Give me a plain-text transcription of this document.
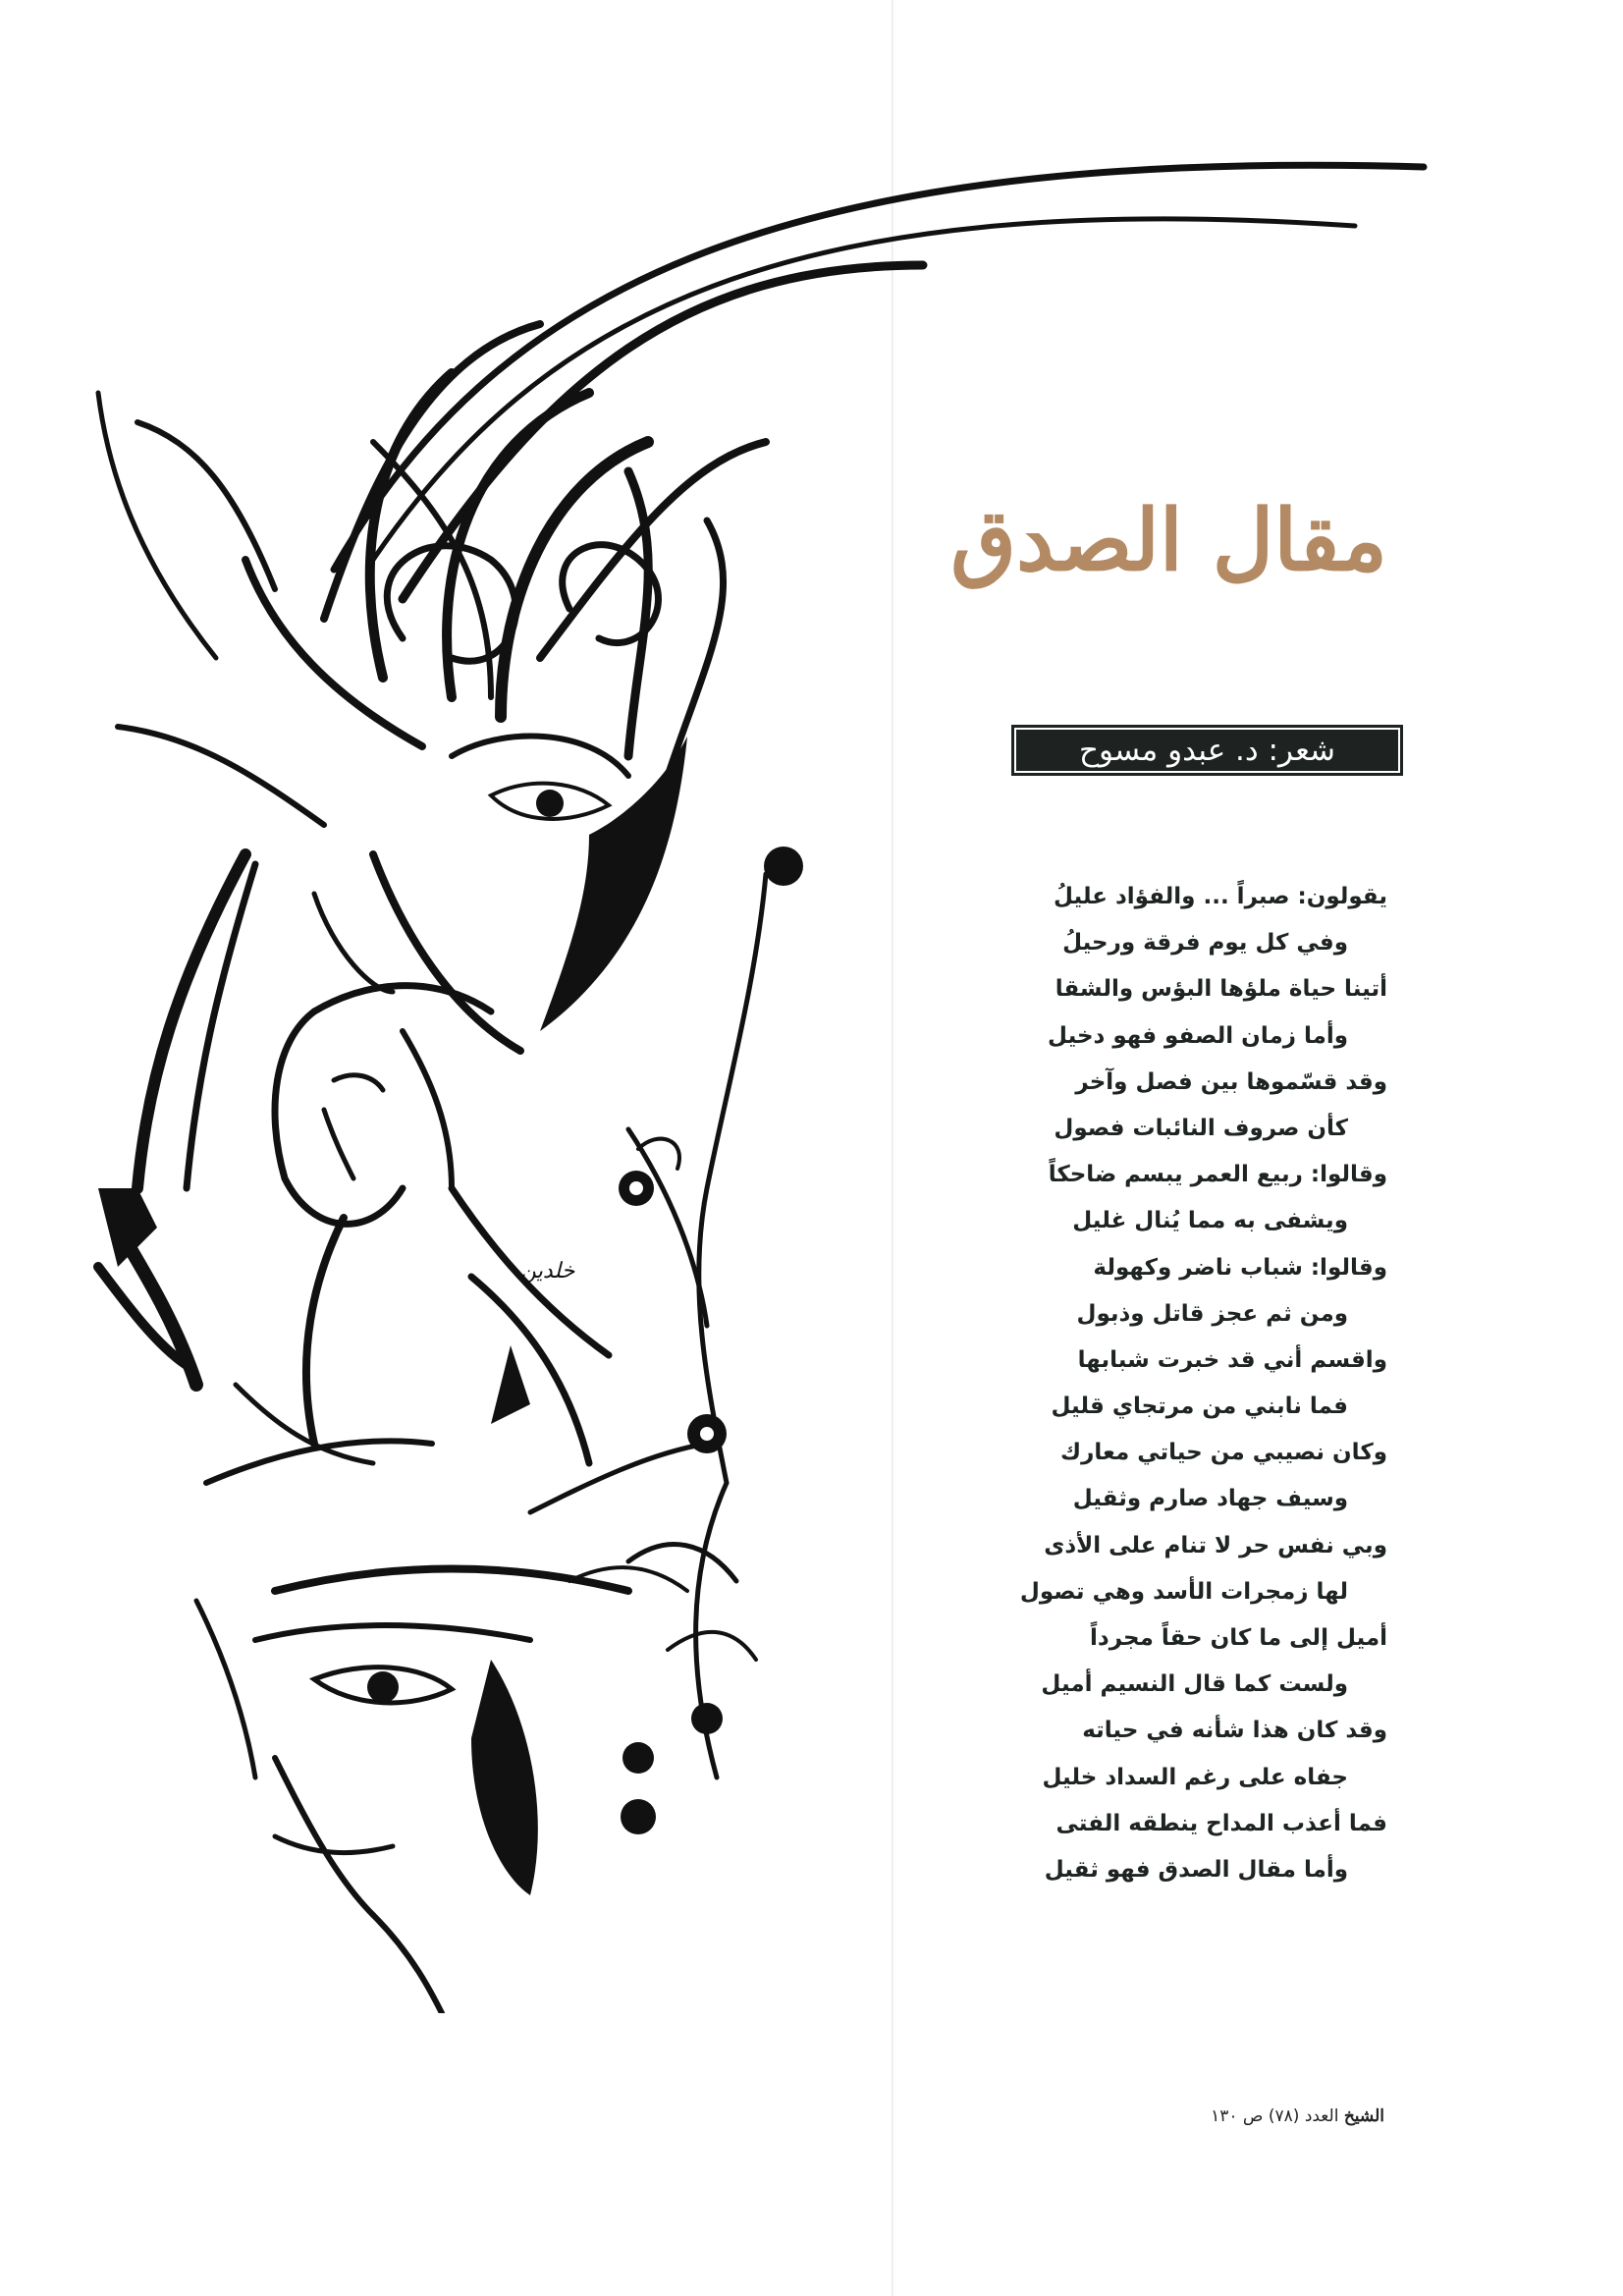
خلدين
مقال الصدق
شعر: د. عبدو مسوح
يقولون: صبراً ... والفؤاد عليلُ
وفي كل يوم فرقة ورحيلُ
أتينا حياة ملؤها البؤس والشقا
وأما زمان الصفو فهو دخيل
وقد قسّموها بين فصل وآخر
كأن صروف النائبات فصول
وقالوا: ربيع العمر يبسم ضاحكاً
ويشفى به مما يُنال غليل
وقالوا: شباب ناضر وكهولة
ومن ثم عجز قاتل وذبول
واقسم أني قد خبرت شبابها
فما نابني من مرتجاي قليل
وكان نصيبي من حياتي معارك
وسيف جهاد صارم وثقيل
وبي نفس حر لا تنام على الأذى
لها زمجرات الأسد وهي تصول
أميل إلى ما كان حقاً مجرداً
ولست كما قال النسيم أميل
وقد كان هذا شأنه في حياته
جفاه على رغم السداد خليل
فما أعذب المداح ينطقه الفتى
وأما مقال الصدق فهو ثقيل
الشيخ العدد (٧٨) ص ١٣٠
